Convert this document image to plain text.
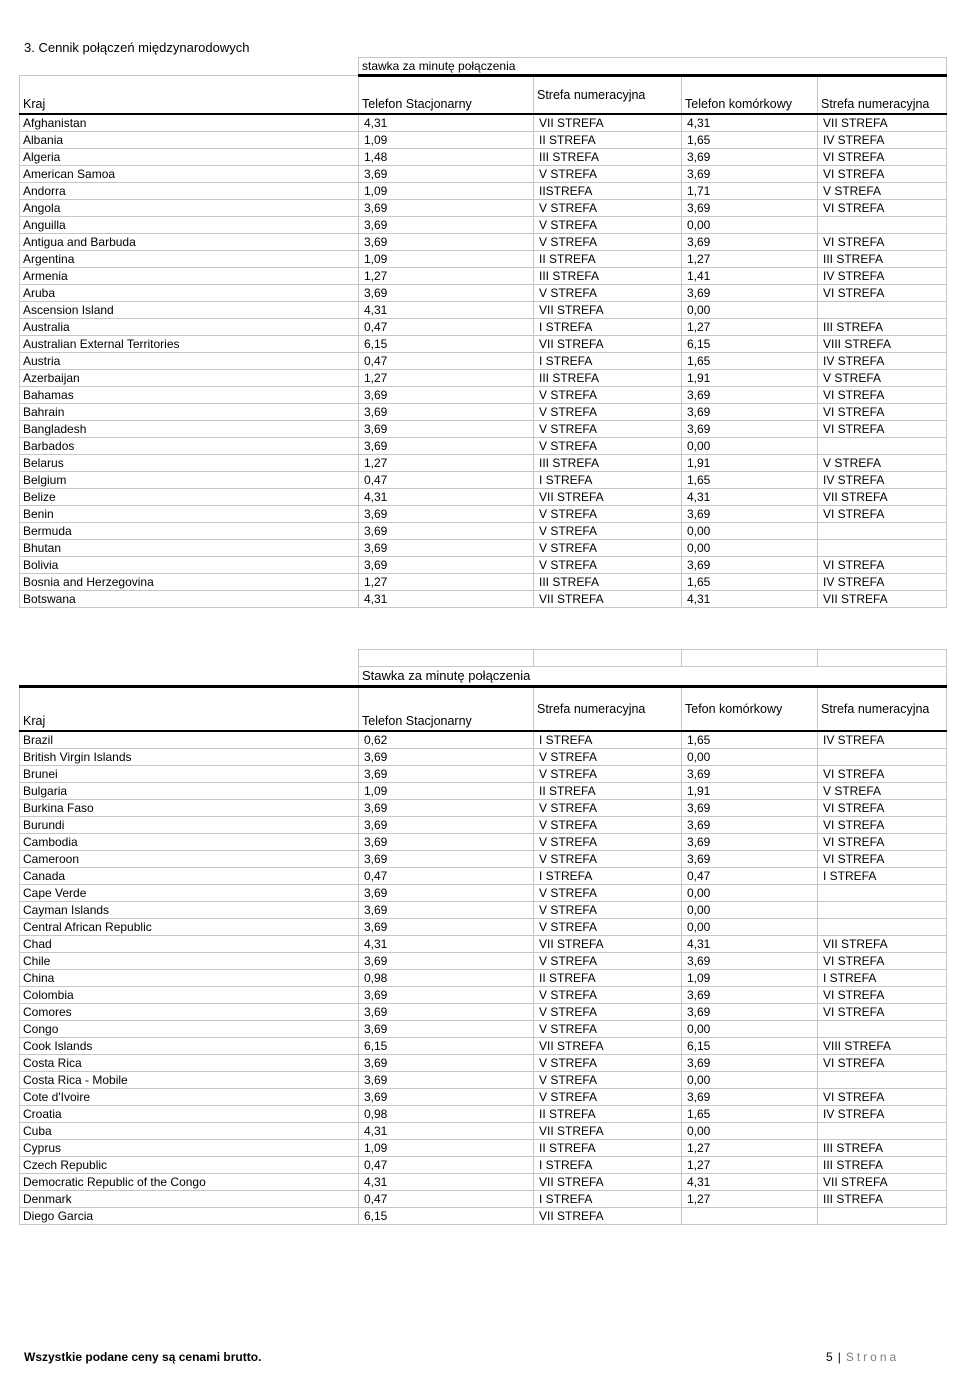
3. Cennik połączeń międzynarodowych
	stawka za minutę połączenia			
Kraj	Telefon Stacjonarny	Strefa numeracyjna	Telefon komórkowy	Strefa numeracyjna
Afghanistan	4,31	VII STREFA	4,31	VII STREFA
Albania	1,09	II STREFA	1,65	IV STREFA
Algeria	1,48	III STREFA	3,69	VI STREFA
American Samoa	3,69	V STREFA	3,69	VI STREFA
Andorra	1,09	IISTREFA	1,71	V STREFA
Angola	3,69	V STREFA	3,69	VI STREFA
Anguilla	3,69	V STREFA	0,00	
Antigua and Barbuda	3,69	V STREFA	3,69	VI STREFA
Argentina	1,09	II STREFA	1,27	III STREFA
Armenia	1,27	III STREFA	1,41	IV STREFA
Aruba	3,69	V STREFA	3,69	VI STREFA
Ascension Island	4,31	VII STREFA	0,00	
Australia	0,47	I STREFA	1,27	III STREFA
Australian External Territories	6,15	VII STREFA	6,15	VIII STREFA
Austria	0,47	I STREFA	1,65	IV STREFA
Azerbaijan	1,27	III STREFA	1,91	V STREFA
Bahamas	3,69	V STREFA	3,69	VI STREFA
Bahrain	3,69	V STREFA	3,69	VI STREFA
Bangladesh	3,69	V STREFA	3,69	VI STREFA
Barbados	3,69	V STREFA	0,00	
Belarus	1,27	III STREFA	1,91	V STREFA
Belgium	0,47	I STREFA	1,65	IV STREFA
Belize	4,31	VII STREFA	4,31	VII STREFA
Benin	3,69	V STREFA	3,69	VI STREFA
Bermuda	3,69	V STREFA	0,00	
Bhutan	3,69	V STREFA	0,00	
Bolivia	3,69	V STREFA	3,69	VI STREFA
Bosnia and Herzegovina	1,27	III STREFA	1,65	IV STREFA
Botswana	4,31	VII STREFA	4,31	VII STREFA

	Stawka za minutę połączenia			
Kraj	Telefon Stacjonarny	Strefa numeracyjna	Tefon komórkowy	Strefa numeracyjna
Brazil	0,62	I STREFA	1,65	IV STREFA
British Virgin Islands	3,69	V STREFA	0,00	
Brunei	3,69	V STREFA	3,69	VI STREFA
Bulgaria	1,09	II STREFA	1,91	V STREFA
Burkina Faso	3,69	V STREFA	3,69	VI STREFA
Burundi	3,69	V STREFA	3,69	VI STREFA
Cambodia	3,69	V STREFA	3,69	VI STREFA
Cameroon	3,69	V STREFA	3,69	VI STREFA
Canada	0,47	I STREFA	0,47	I STREFA
Cape Verde	3,69	V STREFA	0,00	
Cayman Islands	3,69	V STREFA	0,00	
Central African Republic	3,69	V STREFA	0,00	
Chad	4,31	VII STREFA	4,31	VII STREFA
Chile	3,69	V STREFA	3,69	VI STREFA
China	0,98	II STREFA	1,09	I STREFA
Colombia	3,69	V STREFA	3,69	VI STREFA
Comores	3,69	V STREFA	3,69	VI STREFA
Congo	3,69	V STREFA	0,00	
Cook Islands	6,15	VII STREFA	6,15	VIII STREFA
Costa Rica	3,69	V STREFA	3,69	VI STREFA
Costa Rica - Mobile	3,69	V STREFA	0,00	
Cote d'Ivoire	3,69	V STREFA	3,69	VI STREFA
Croatia	0,98	II STREFA	1,65	IV STREFA
Cuba	4,31	VII STREFA	0,00	
Cyprus	1,09	II STREFA	1,27	III STREFA
Czech Republic	0,47	I STREFA	1,27	III STREFA
Democratic Republic of the Congo	4,31	VII STREFA	4,31	VII STREFA
Denmark	0,47	I STREFA	1,27	III STREFA
Diego Garcia	6,15	VII STREFA		
Wszystkie podane ceny są cenami brutto.	5 | Strona
